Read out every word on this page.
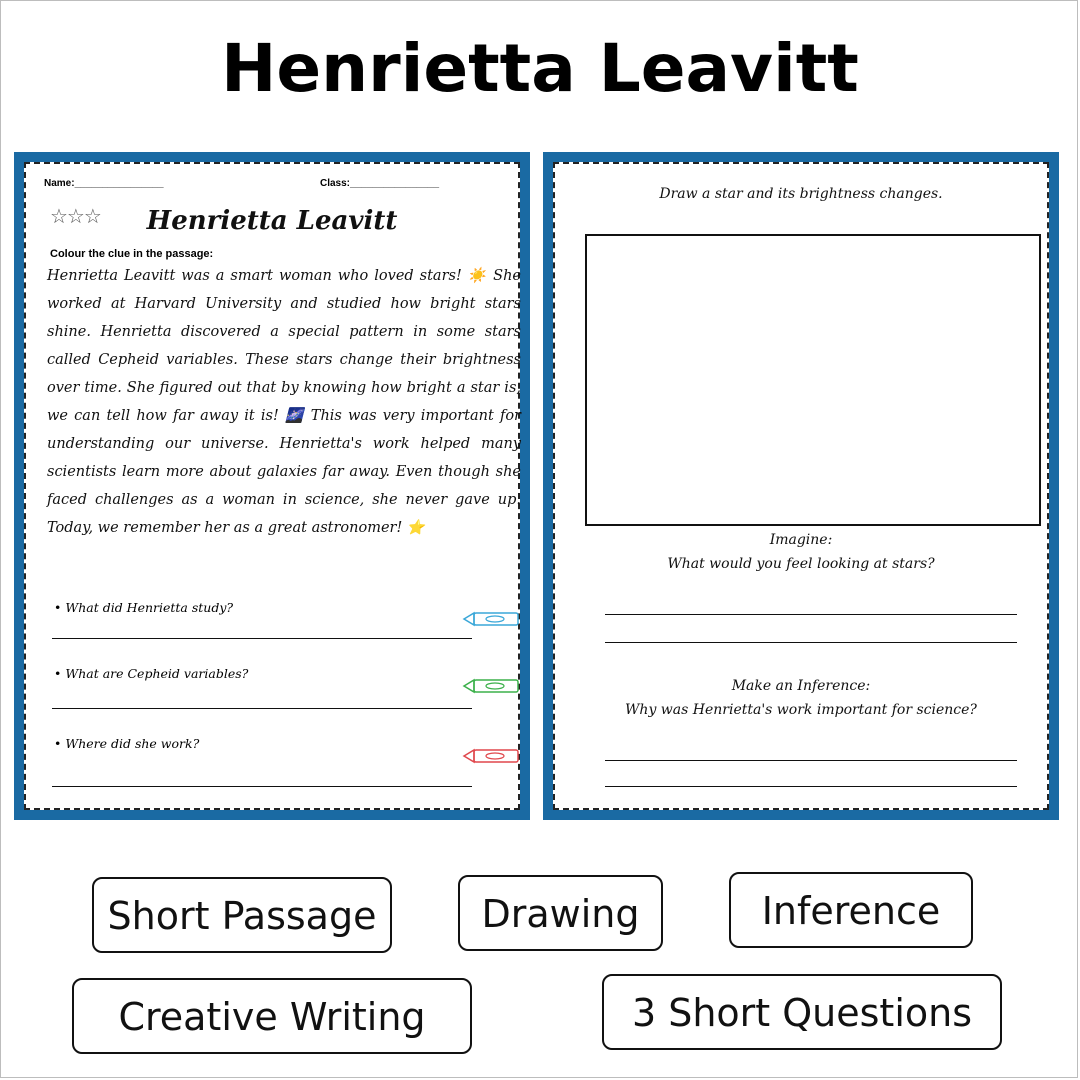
Henrietta Leavitt
Name:________________	Class:________________
☆☆☆	Henrietta Leavitt
Colour the clue in the passage:
Henrietta Leavitt was a smart woman who loved stars! ☀️ She worked at Harvard University and studied how bright stars shine. Henrietta discovered a special pattern in some stars called Cepheid variables. These stars change their brightness over time. She figured out that by knowing how bright a star is, we can tell how far away it is! 🌌 This was very important for understanding our universe. Henrietta's work helped many scientists learn more about galaxies far away. Even though she faced challenges as a woman in science, she never gave up. Today, we remember her as a great astronomer! ⭐
• What did Henrietta study?
• What are Cepheid variables?
• Where did she work?
Draw a star and its brightness changes.
Imagine:
What would you feel looking at stars?
Make an Inference:
Why was Henrietta's work important for science?
Short Passage	Drawing	Inference
Creative Writing	3 Short Questions
